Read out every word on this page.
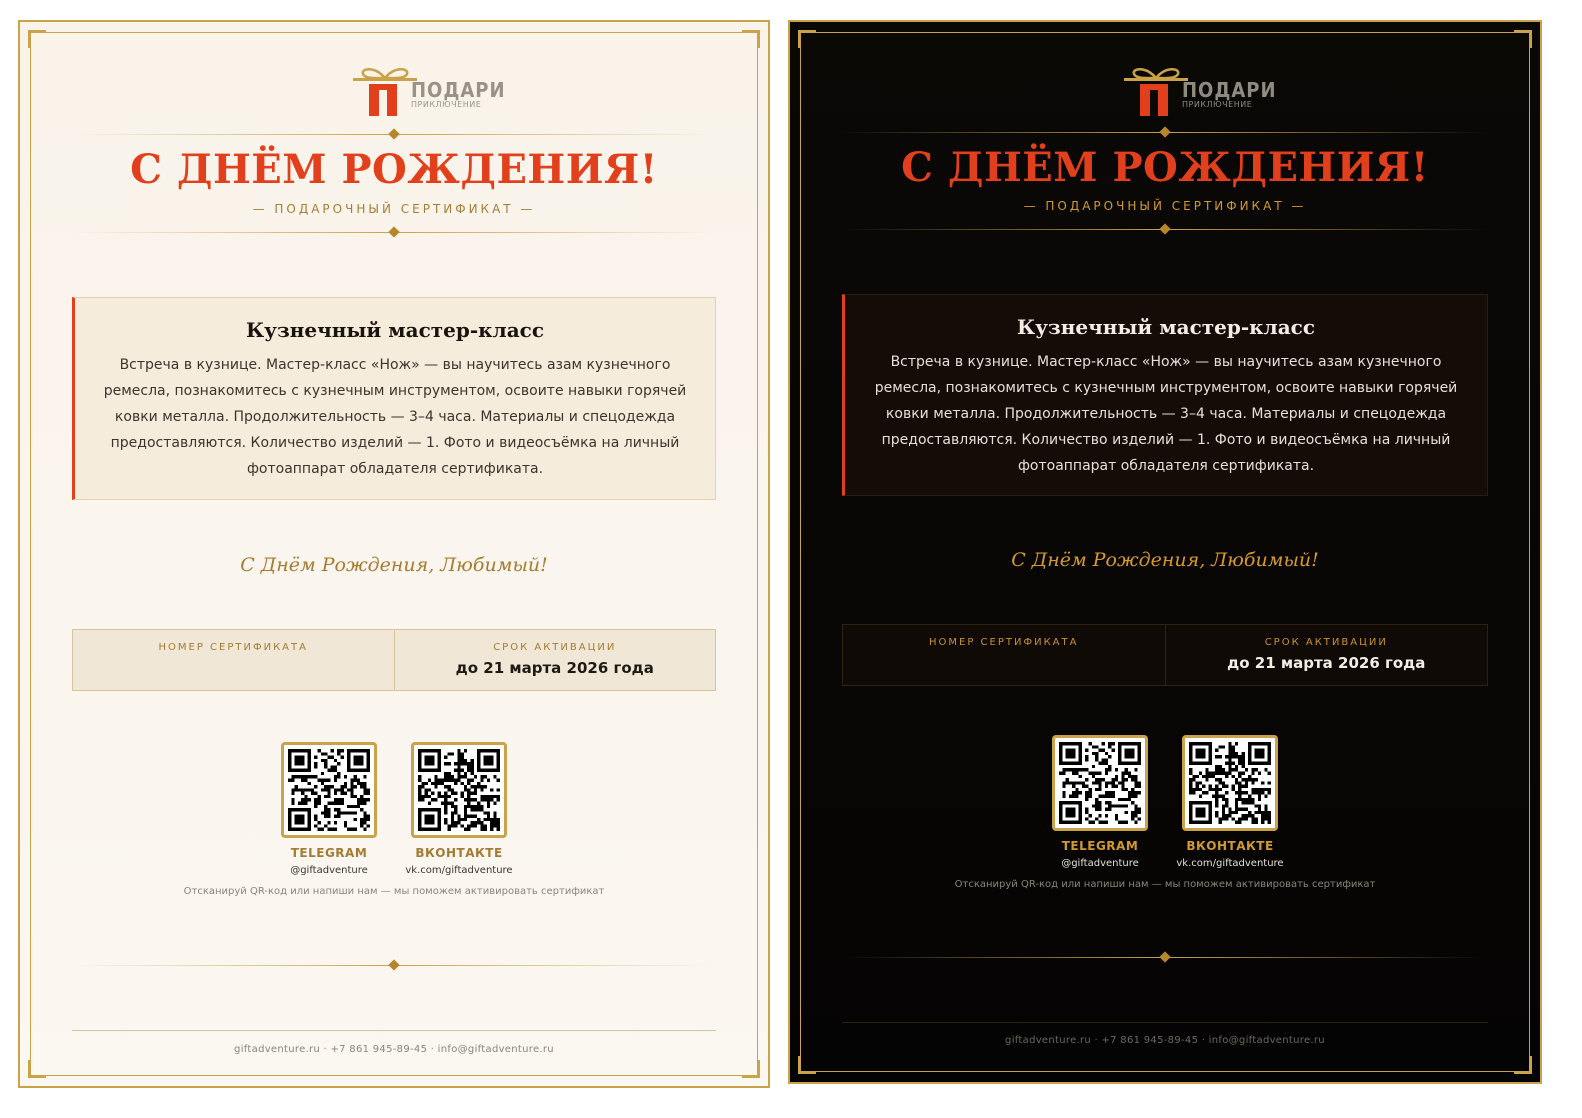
ПОДАРИ
ПРИКЛЮЧЕНИЕ
С ДНЁМ РОЖДЕНИЯ!
— ПОДАРОЧНЫЙ СЕРТИФИКАТ —
Кузнечный мастер-класс
Встреча в кузнице. Мастер-класс «Нож» — вы научитесь азам кузнечного ремесла, познакомитесь с кузнечным инструментом, освоите навыки горячей ковки металла. Продолжительность — 3–4 часа. Материалы и спецодежда предоставляются. Количество изделий — 1. Фото и видеосъёмка на личный фотоаппарат обладателя сертификата.
С Днём Рождения, Любимый!
НОМЕР СЕРТИФИКАТА	СРОК АКТИВАЦИИ
до 21 марта 2026 года
TELEGRAM
@giftadventure
ВКОНТАКТЕ
vk.com/giftadventure
Отсканируй QR-код или напиши нам — мы поможем активировать сертификат
giftadventure.ru · +7 861 945-89-45 · info@giftadventure.ru
ПОДАРИ
ПРИКЛЮЧЕНИЕ
С ДНЁМ РОЖДЕНИЯ!
— ПОДАРОЧНЫЙ СЕРТИФИКАТ —
Кузнечный мастер-класс
Встреча в кузнице. Мастер-класс «Нож» — вы научитесь азам кузнечного ремесла, познакомитесь с кузнечным инструментом, освоите навыки горячей ковки металла. Продолжительность — 3–4 часа. Материалы и спецодежда предоставляются. Количество изделий — 1. Фото и видеосъёмка на личный фотоаппарат обладателя сертификата.
С Днём Рождения, Любимый!
НОМЕР СЕРТИФИКАТА	СРОК АКТИВАЦИИ
до 21 марта 2026 года
TELEGRAM
@giftadventure
ВКОНТАКТЕ
vk.com/giftadventure
Отсканируй QR-код или напиши нам — мы поможем активировать сертификат
giftadventure.ru · +7 861 945-89-45 · info@giftadventure.ru
